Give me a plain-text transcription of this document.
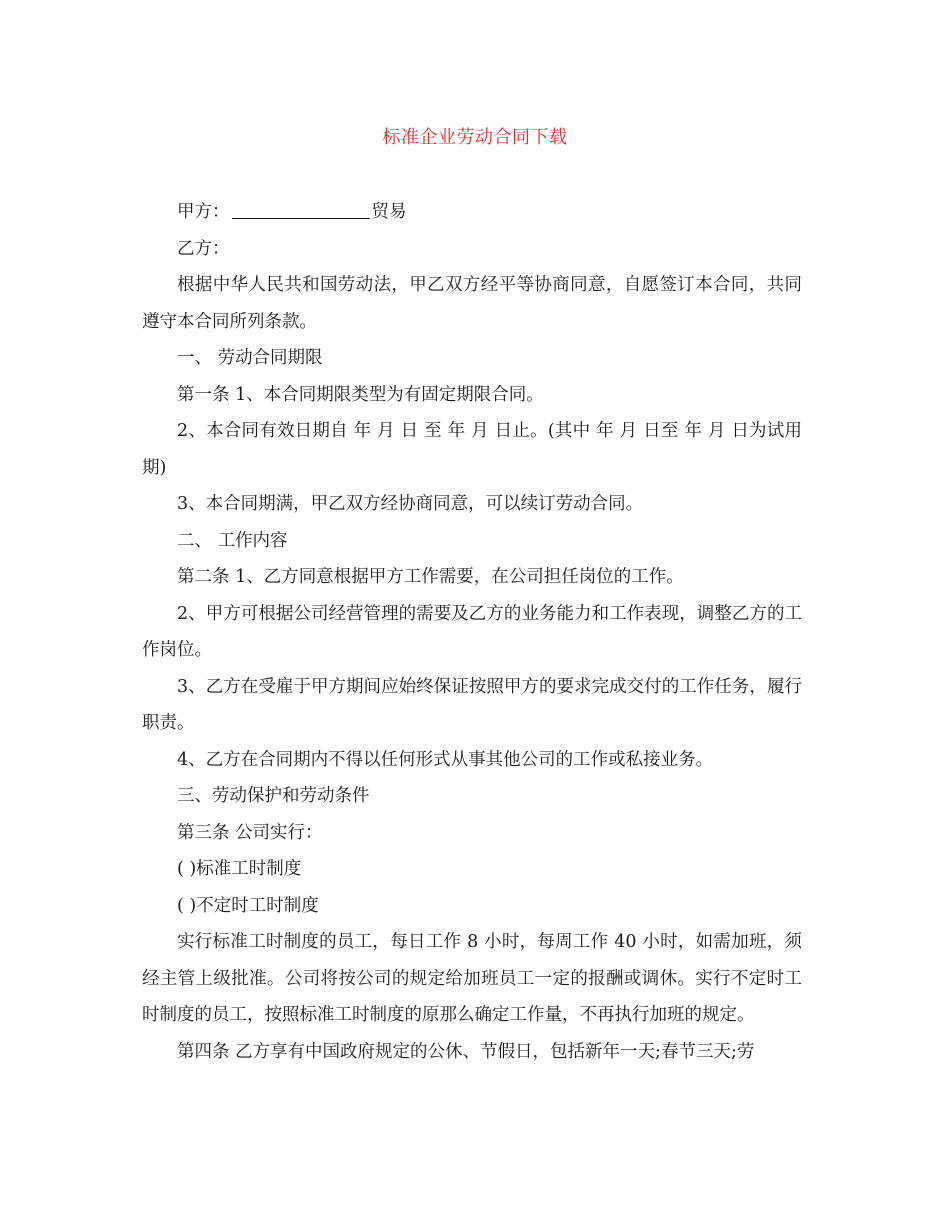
标准企业劳动合同下载

甲方：	贸易

乙方：

根据中华人民共和国劳动法，甲乙双方经平等协商同意，自愿签订本合同，共同遵守本合同所列条款。

一、 劳动合同期限

第一条 1、本合同期限类型为有固定期限合同。

2、本合同有效日期自 年 月 日 至 年 月 日止。(其中 年 月 日至 年 月 日为试用期)

3、本合同期满，甲乙双方经协商同意，可以续订劳动合同。

二、 工作内容

第二条 1、乙方同意根据甲方工作需要，在公司担任岗位的工作。

2、甲方可根据公司经营管理的需要及乙方的业务能力和工作表现，调整乙方的工作岗位。

3、乙方在受雇于甲方期间应始终保证按照甲方的要求完成交付的工作任务，履行职责。

4、乙方在合同期内不得以任何形式从事其他公司的工作或私接业务。

三、劳动保护和劳动条件

第三条 公司实行：

( )标准工时制度

( )不定时工时制度

实行标准工时制度的员工，每日工作 8 小时，每周工作 40 小时，如需加班，须经主管上级批准。公司将按公司的规定给加班员工一定的报酬或调休。实行不定时工时制度的员工，按照标准工时制度的原那么确定工作量，不再执行加班的规定。

第四条 乙方享有中国政府规定的公休、节假日，包括新年一天;春节三天;劳
